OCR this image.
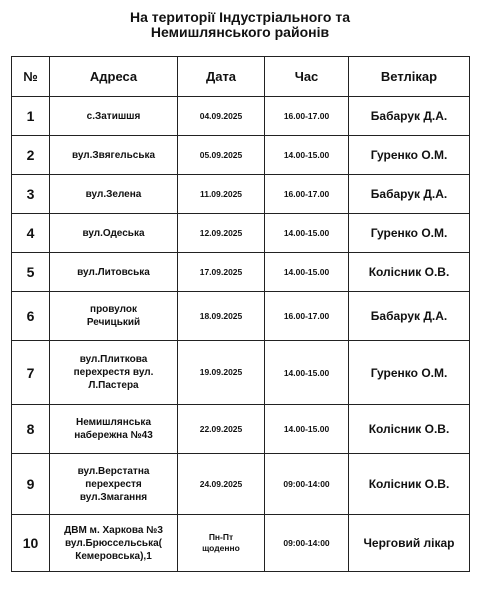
На території Індустріального та
Немишлянського районів
№	Адреса	Дата	Час	Ветлікар
1	с.Затишшя	04.09.2025	16.00-17.00	Бабарук Д.А.
2	вул.Звягельська	05.09.2025	14.00-15.00	Гуренко О.М.
3	вул.Зелена	11.09.2025	16.00-17.00	Бабарук Д.А.
4	вул.Одеська	12.09.2025	14.00-15.00	Гуренко О.М.
5	вул.Литовська	17.09.2025	14.00-15.00	Колісник О.В.
6	провулок
Речицький	18.09.2025	16.00-17.00	Бабарук Д.А.
7	вул.Плиткова
перехрестя вул.
Л.Пастера	19.09.2025	14.00-15.00	Гуренко О.М.
8	Немишлянська
набережна №43	22.09.2025	14.00-15.00	Колісник О.В.
9	вул.Верстатна
перехрестя
вул.Змагання	24.09.2025	09:00-14:00	Колісник О.В.
10	ДВМ м. Харкова №3
вул.Брюссельська(
Кемеровська),1	Пн-Пт
щоденно	09:00-14:00	Черговий лікар
